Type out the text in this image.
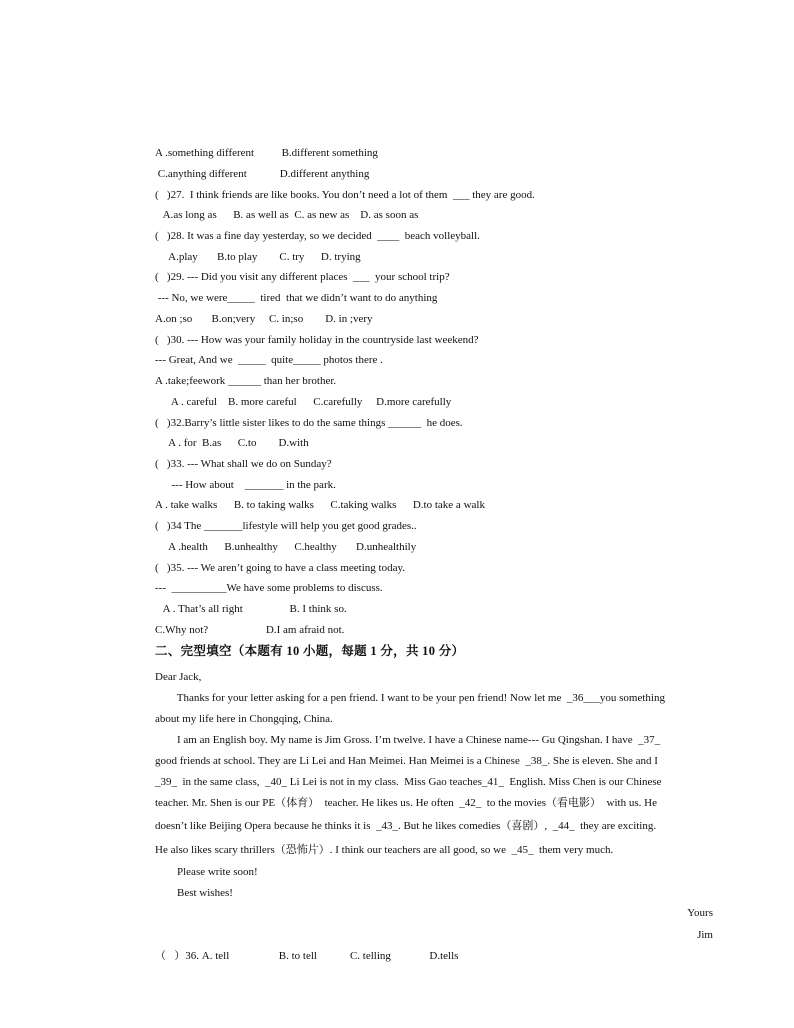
A .something different          B.different something
C.anything different            D.different anything
(   )27.  I think friends are like books. You don’t need a lot of them  ___ they are good.
A.as long as      B. as well as  C. as new as    D. as soon as
(   )28. It was a fine day yesterday, so we decided  ____  beach volleyball.
A.play       B.to play        C. try      D. trying
(   )29. --- Did you visit any different places  ___  your school trip?
--- No, we were_____  tired  that we didn’t want to do anything
A.on ;so       B.on;very     C. in;so        D. in ;very
(   )30. --- How was your family holiday in the countryside last weekend?
--- Great, And we  _____  quite_____ photos there .
A .take;feework ______ than her brother.
A . careful    B. more careful      C.carefully     D.more carefully
(   )32.Barry’s little sister likes to do the same things ______  he does.
A . for  B.as      C.to        D.with
(   )33. --- What shall we do on Sunday?
--- How about    _______ in the park.
A . take walks      B. to taking walks      C.taking walks      D.to take a walk
(   )34 The _______lifestyle will help you get good grades..
A .health      B.unhealthy      C.healthy       D.unhealthily
(   )35. --- We aren’t going to have a class meeting today.
---  __________We have some problems to discuss.
A . That’s all right                 B. I think so.
C.Why not?                     D.I am afraid not.
二、完型填空（本题有 10 小题，每题 1 分，共 10 分）
Dear Jack,
Thanks for your letter asking for a pen friend. I want to be your pen friend! Now let me  _36___you something
about my life here in Chongqing, China.
I am an English boy. My name is Jim Gross. I’m twelve. I have a Chinese name--- Gu Qingshan. I have  _37_
good friends at school. They are Li Lei and Han Meimei. Han Meimei is a Chinese  _38_. She is eleven. She and I
_39_  in the same class,  _40_ Li Lei is not in my class.  Miss Gao teaches_41_  English. Miss Chen is our Chinese
teacher. Mr. Shen is our PE（体育）  teacher. He likes us. He often  _42_  to the movies（看电影）  with us. He
doesn’t like Beijing Opera because he thinks it is  _43_. But he likes comedies（喜剧）,  _44_  they are exciting.
He also likes scary thrillers（恐怖片）. I think our teachers are all good, so we  _45_  them very much.
Please write soon!
Best wishes!
Yours
Jim
（   ）36. A. tell                  B. to tell            C. telling              D.tells
